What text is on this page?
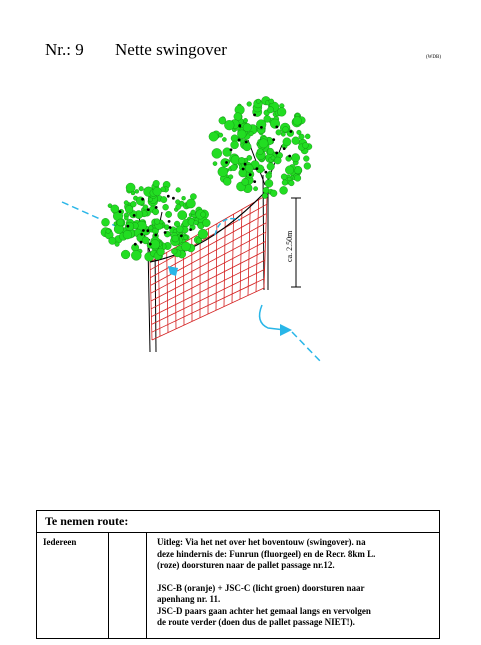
Nr.: 9 Nette swingover	(WDB)
ca. 2.50m
Te nemen route:
Iedereen	Uitleg: Via het net over het boventouw (swingover). na

deze hindernis de: Funrun (fluorgeel) en de Recr. 8km L.

(roze) doorsturen naar de pallet passage nr.12.

JSC-B (oranje) + JSC-C (licht groen) doorsturen naar

apenhang nr. 11.

JSC-D paars gaan achter het gemaal langs en vervolgen

de route verder (doen dus de pallet passage NIET!).
